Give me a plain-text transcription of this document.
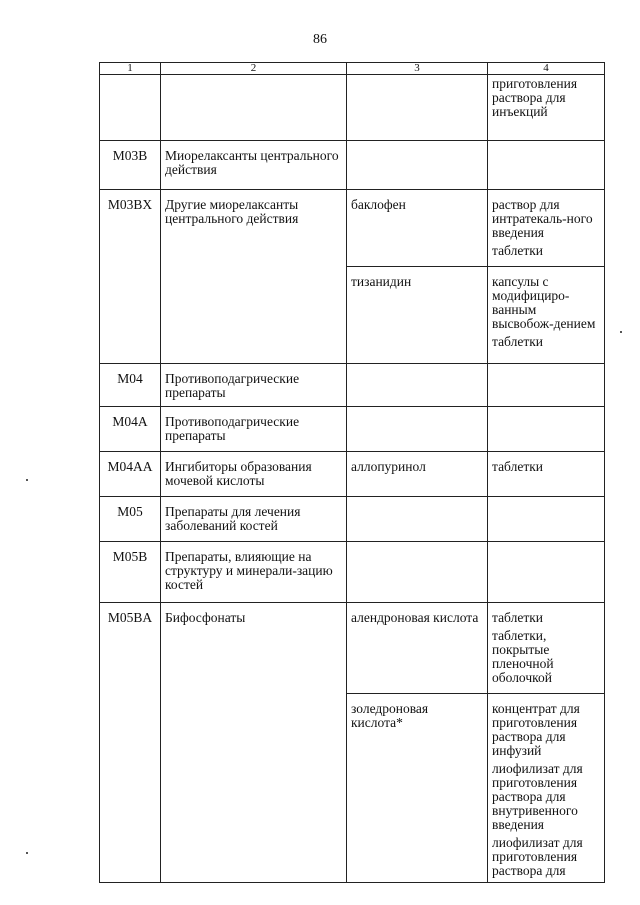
86
1	2	3	4

			приготовления раствора для инъекций

M03B	Миорелаксанты центрального действия		

M03BX	Другие миорелаксанты центрального действия	баклофен	раствор для интратекаль-ного введения
таблетки

		тизанидин	капсулы с модифициро-ванным высвобож-дением
таблетки

M04	Противоподагрические препараты		

M04A	Противоподагрические препараты		

M04AA	Ингибиторы образования мочевой кислоты	аллопуринол	таблетки

M05	Препараты для лечения заболеваний костей		

M05B	Препараты, влияющие на структуру и минерали-зацию костей		

M05BA	Бифосфонаты	алендроновая кислота	таблетки
таблетки, покрытые пленочной оболочкой

		золедроновая кислота*	концентрат для приготовления раствора для инфузий
лиофилизат для приготовления раствора для внутривенного введения
лиофилизат для приготовления раствора для
